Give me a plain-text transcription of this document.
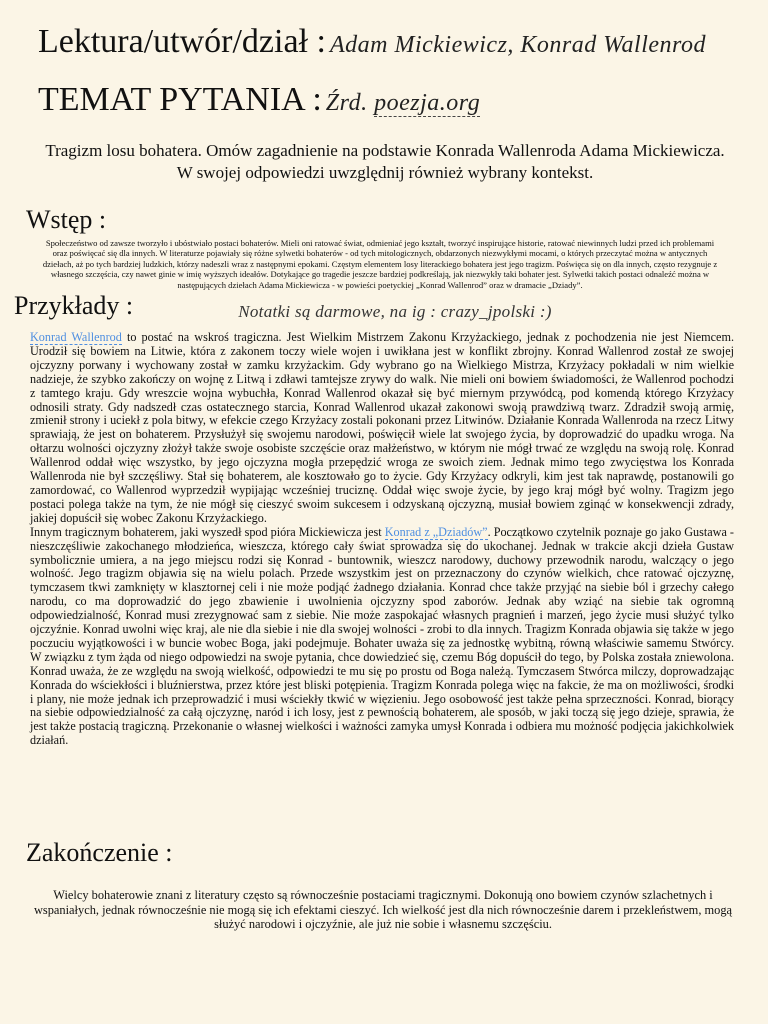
Lektura/utwór/dział : Adam Mickiewicz, Konrad Wallenrod
TEMAT PYTANIA : Źrd. poezja.org
Tragizm losu bohatera. Omów zagadnienie na podstawie Konrada Wallenroda Adama Mickiewicza. W swojej odpowiedzi uwzględnij również wybrany kontekst.
Wstęp :
Społeczeństwo od zawsze tworzyło i ubóstwiało postaci bohaterów. Mieli oni ratować świat, odmieniać jego kształt, tworzyć inspirujące historie, ratować niewinnych ludzi przed ich problemami oraz poświęcać się dla innych. W literaturze pojawiały się różne sylwetki bohaterów - od tych mitologicznych, obdarzonych niezwykłymi mocami, o których przeczytać można w antycznych dziełach, aż po tych bardziej ludzkich, którzy nadeszli wraz z następnymi epokami. Częstym elementem losy literackiego bohatera jest jego tragizm. Poświęca się on dla innych, często rezygnuje z własnego szczęścia, czy nawet ginie w imię wyższych ideałów. Dotykające go tragedie jeszcze bardziej podkreślają, jak niezwykły taki bohater jest. Sylwetki takich postaci odnaleźć można w następujących dziełach Adama Mickiewicza - w powieści poetyckiej „Konrad Wallenrod” oraz w dramacie „Dziady”.
Przykłady :	Notatki są darmowe, na ig : crazy_jpolski :)

Konrad Wallenrod to postać na wskroś tragiczna. Jest Wielkim Mistrzem Zakonu Krzyżackiego, jednak z pochodzenia nie jest Niemcem. Urodził się bowiem na Litwie, która z zakonem toczy wiele wojen i uwikłana jest w konflikt zbrojny. Konrad Wallenrod został ze swojej ojczyzny porwany i wychowany został w zamku krzyżackim. Gdy wybrano go na Wielkiego Mistrza, Krzyżacy pokładali w nim wielkie nadzieje, że szybko zakończy on wojnę z Litwą i zdławi tamtejsze zrywy do walk. Nie mieli oni bowiem świadomości, że Wallenrod pochodzi z tamtego kraju. Gdy wreszcie wojna wybuchła, Konrad Wallenrod okazał się być miernym przywódcą, pod komendą którego Krzyżacy odnosili straty. Gdy nadszedł czas ostatecznego starcia, Konrad Wallenrod ukazał zakonowi swoją prawdziwą twarz. Zdradził swoją armię, zmienił strony i uciekł z pola bitwy, w efekcie czego Krzyżacy zostali pokonani przez Litwinów. Działanie Konrada Wallenroda na rzecz Litwy sprawiają, że jest on bohaterem. Przysłużył się swojemu narodowi, poświęcił wiele lat swojego życia, by doprowadzić do upadku wroga. Na ołtarzu wolności ojczyzny złożył także swoje osobiste szczęście oraz małżeństwo, w którym nie mógł trwać ze względu na swoją rolę. Konrad Wallenrod oddał więc wszystko, by jego ojczyzna mogła przepędzić wroga ze swoich ziem. Jednak mimo tego zwycięstwa los Konrada Wallenroda nie był szczęśliwy. Stał się bohaterem, ale kosztowało go to życie. Gdy Krzyżacy odkryli, kim jest tak naprawdę, postanowili go zamordować, co Wallenrod wyprzedził wypijając wcześniej truciznę. Oddał więc swoje życie, by jego kraj mógł być wolny. Tragizm jego postaci polega także na tym, że nie mógł się cieszyć swoim sukcesem i odzyskaną ojczyzną, musiał bowiem zginąć w konsekwencji zdrady, jakiej dopuścił się wobec Zakonu Krzyżackiego.

Innym tragicznym bohaterem, jaki wyszedł spod pióra Mickiewicza jest Konrad z „Dziadów”. Początkowo czytelnik poznaje go jako Gustawa - nieszczęśliwie zakochanego młodzieńca, wieszcza, którego cały świat sprowadza się do ukochanej. Jednak w trakcie akcji dzieła Gustaw symbolicznie umiera, a na jego miejscu rodzi się Konrad - buntownik, wieszcz narodowy, duchowy przewodnik narodu, walczący o jego wolność. Jego tragizm objawia się na wielu polach. Przede wszystkim jest on przeznaczony do czynów wielkich, chce ratować ojczyznę, tymczasem tkwi zamknięty w klasztornej celi i nie może podjąć żadnego działania. Konrad chce także przyjąć na siebie ból i grzechy całego narodu, co ma doprowadzić do jego zbawienie i uwolnienia ojczyzny spod zaborów. Jednak aby wziąć na siebie tak ogromną odpowiedzialność, Konrad musi zrezygnować sam z siebie. Nie może zaspokajać własnych pragnień i marzeń, jego życie musi służyć tylko ojczyźnie. Konrad uwolni więc kraj, ale nie dla siebie i nie dla swojej wolności - zrobi to dla innych. Tragizm Konrada objawia się także w jego poczuciu wyjątkowości i w buncie wobec Boga, jaki podejmuje. Bohater uważa się za jednostkę wybitną, równą właściwie samemu Stwórcy. W związku z tym żąda od niego odpowiedzi na swoje pytania, chce dowiedzieć się, czemu Bóg dopuścił do tego, by Polska została zniewolona. Konrad uważa, że ze względu na swoją wielkość, odpowiedzi te mu się po prostu od Boga należą. Tymczasem Stwórca milczy, doprowadzając Konrada do wściekłości i bluźnierstwa, przez które jest bliski potępienia. Tragizm Konrada polega więc na fakcie, że ma on możliwości, środki i plany, nie może jednak ich przeprowadzić i musi wściekły tkwić w więzieniu. Jego osobowość jest także pełna sprzeczności. Konrad, biorący na siebie odpowiedzialność za całą ojczyznę, naród i ich losy, jest z pewnością bohaterem, ale sposób, w jaki toczą się jego dzieje, sprawia, że jest także postacią tragiczną. Przekonanie o własnej wielkości i ważności zamyka umysł Konrada i odbiera mu możność podjęcia jakichkolwiek działań.

Zakończenie :
Wielcy bohaterowie znani z literatury często są równocześnie postaciami tragicznymi. Dokonują ono bowiem czynów szlachetnych i wspaniałych, jednak równocześnie nie mogą się ich efektami cieszyć. Ich wielkość jest dla nich równocześnie darem i przekleństwem, mogą służyć narodowi i ojczyźnie, ale już nie sobie i własnemu szczęściu.
